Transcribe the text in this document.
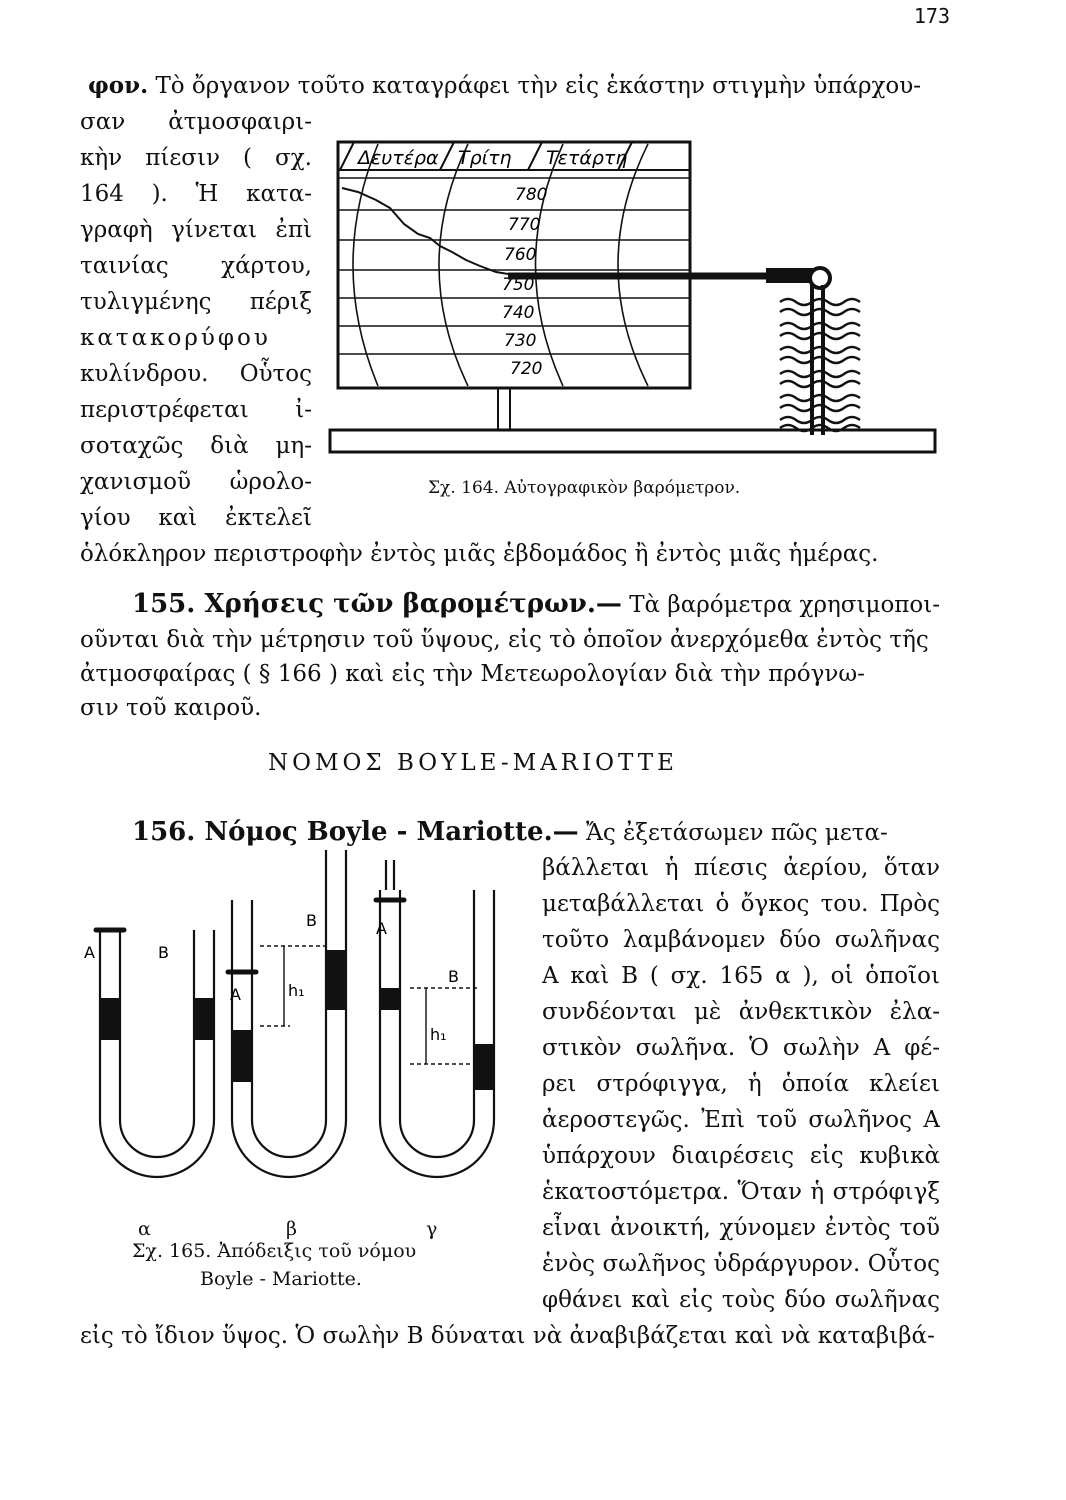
173
φον. Τὸ ὄργανον τοῦτο καταγράφει τὴν εἰς ἑκάστην στιγμὴν ὑπάρχου-
σαν ἀτμοσφαιρι-
κὴν πίεσιν ( σχ.
164 ). Ἡ κατα-
γραφὴ γίνεται ἐπὶ
ταινίας χάρτου,
τυλιγμένης πέριξ
κατακορύφου
κυλίνδρου. Οὗτος
περιστρέφεται ἰ-
σοταχῶς διὰ μη-
χανισμοῦ ὡρολο-
γίου καὶ ἐκτελεῖ
Δευτέρα Τρίτη Τετάρτη
780
770
760
750
740
730
720
Σχ. 164. Αὐτογραφικὸν βαρόμετρον.
ὁλόκληρον περιστροφὴν ἐντὸς μιᾶς ἑβδομάδος ἢ ἐντὸς μιᾶς ἡμέρας.
155. Χρήσεις τῶν βαρομέτρων.— Τὰ βαρόμετρα χρησιμοποι-
οῦνται διὰ τὴν μέτρησιν τοῦ ὕψους, εἰς τὸ ὁποῖον ἀνερχόμεθα ἐντὸς τῆς
ἀτμοσφαίρας ( § 166 ) καὶ εἰς τὴν Μετεωρολογίαν διὰ τὴν πρόγνω-
σιν τοῦ καιροῦ.
ΝΟΜΟΣ BOYLE-MARIOTTE
156. Νόμος Boyle - Mariotte.— Ἄς ἐξετάσωμεν πῶς μετα-
βάλλεται ἡ πίεσις ἀερίου, ὅταν
μεταβάλλεται ὁ ὄγκος του. Πρὸς
τοῦτο λαμβάνομεν δύο σωλῆνας
Α καὶ Β ( σχ. 165 α ), οἱ ὁποῖοι
συνδέονται μὲ ἀνθεκτικὸν ἐλα-
στικὸν σωλῆνα. Ὁ σωλὴν Α φέ-
ρει στρόφιγγα, ἡ ὁποία κλείει
ἀεροστεγῶς. Ἐπὶ τοῦ σωλῆνος Α
ὑπάρχουν διαιρέσεις εἰς κυβικὰ
ἑκατοστόμετρα. Ὅταν ἡ στρόφιγξ
εἶναι ἀνοικτή, χύνομεν ἐντὸς τοῦ
ἑνὸς σωλῆνος ὑδράργυρον. Οὗτος
φθάνει καὶ εἰς τοὺς δύο σωλῆνας
A	B
A
B	A
B
h₁
h₁
α	β	γ
Σχ. 165. Ἀπόδειξις τοῦ νόμου
Boyle - Mariotte.
εἰς τὸ ἴδιον ὕψος. Ὁ σωλὴν Β δύναται νὰ ἀναβιβάζεται καὶ νὰ καταβιβά-
